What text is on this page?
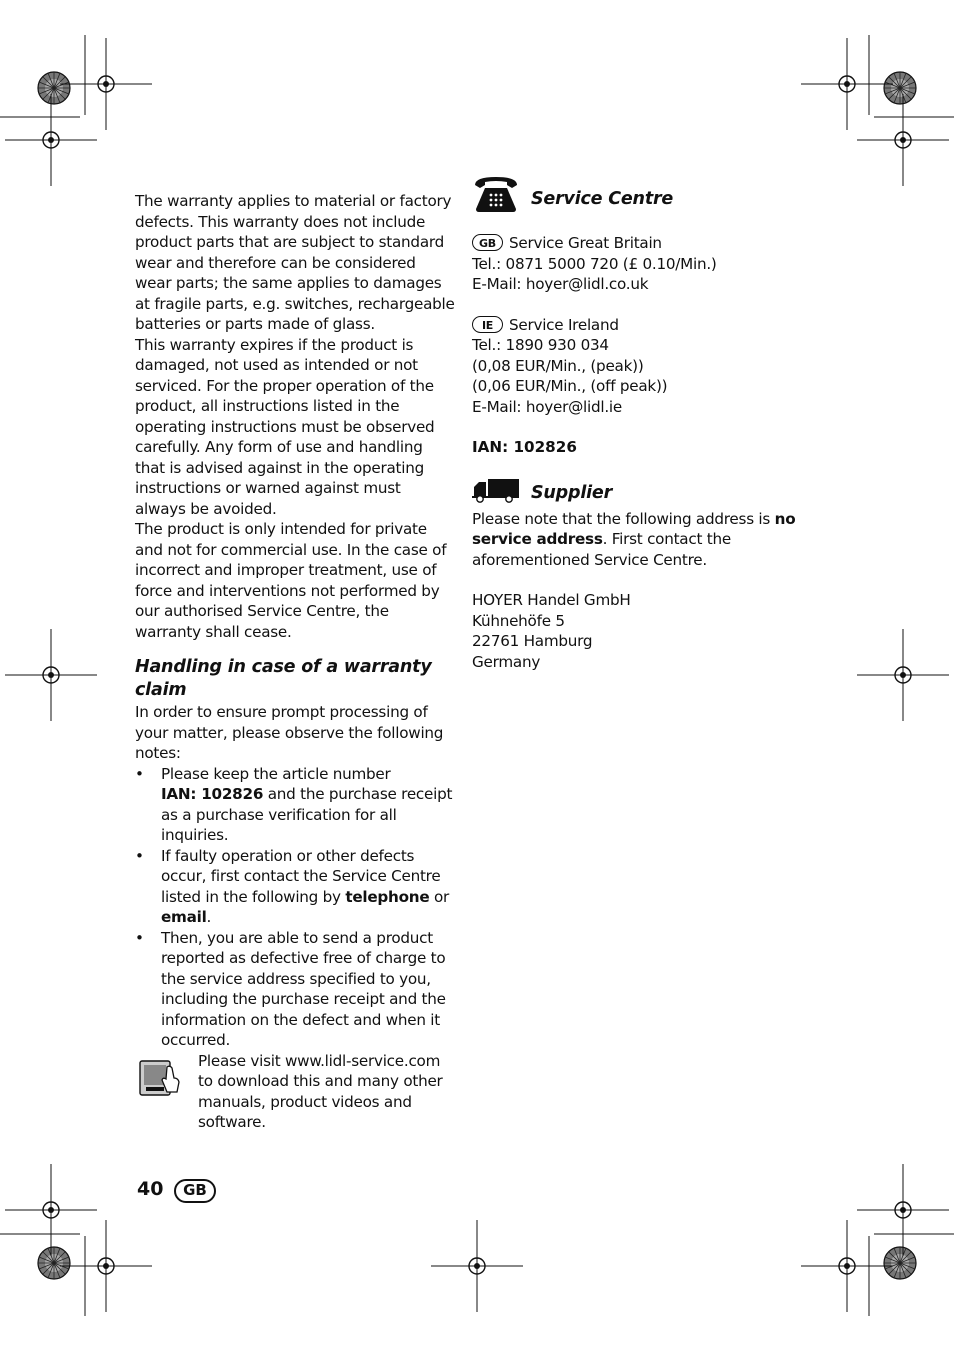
The warranty applies to material or factory defects. This warranty does not include product parts that are subject to standard wear and therefore can be considered wear parts; the same applies to damages at fragile parts, e.g. switches, rechargeable batteries or parts made of glass.

This warranty expires if the product is damaged, not used as intended or not serviced. For the proper operation of the product, all instructions listed in the operating instructions must be observed carefully. Any form of use and handling that is advised against in the operating instructions or warned against must always be avoided.

The product is only intended for private and not for commercial use. In the case of incorrect and improper treatment, use of force and interventions not performed by our authorised Service Centre, the warranty shall cease.

Handling in case of a warranty claim

In order to ensure prompt processing of your matter, please observe the following notes:

• Please keep the article number
IAN: 102826 and the purchase receipt as a purchase verification for all inquiries.
• If faulty operation or other defects occur, first contact the Service Centre listed in the following by telephone or email.
• Then, you are able to send a product reported as defective free of charge to the service address specified to you, including the purchase receipt and the information on the defect and when it occurred.

Please visit www.lidl-service.com to download this and many other manuals, product videos and software.

Service Centre

GB Service Great Britain

Tel.: 0871 5000 720 (£ 0.10/Min.)

E-Mail: hoyer@lidl.co.uk

IE Service Ireland

Tel.: 1890 930 034

(0,08 EUR/Min., (peak))

(0,06 EUR/Min., (off peak))

E-Mail: hoyer@lidl.ie

IAN: 102826

Supplier

Please note that the following address is no service address. First contact the aforementioned Service Centre.

HOYER Handel GmbH

Kühnehöfe 5

22761 Hamburg

Germany

40	GB
